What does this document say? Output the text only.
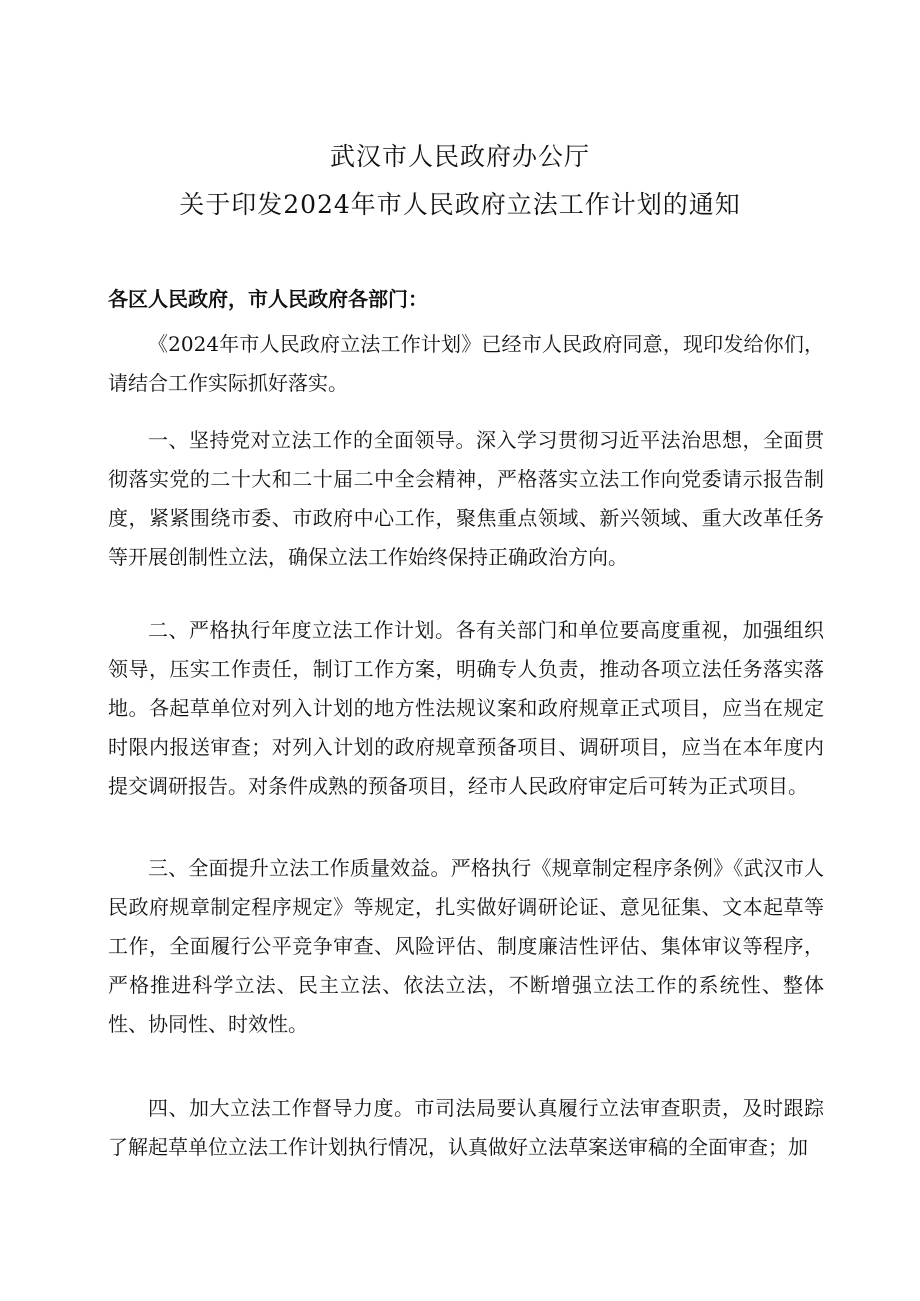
武汉市人民政府办公厅
关于印发2024年市人民政府立法工作计划的通知
各区人民政府，市人民政府各部门：

《2024年市人民政府立法工作计划》已经市人民政府同意，现印发给你们，请结合工作实际抓好落实。

一、坚持党对立法工作的全面领导。深入学习贯彻习近平法治思想，全面贯彻落实党的二十大和二十届二中全会精神，严格落实立法工作向党委请示报告制度，紧紧围绕市委、市政府中心工作，聚焦重点领域、新兴领域、重大改革任务等开展创制性立法，确保立法工作始终保持正确政治方向。

二、严格执行年度立法工作计划。各有关部门和单位要高度重视，加强组织领导，压实工作责任，制订工作方案，明确专人负责，推动各项立法任务落实落地。各起草单位对列入计划的地方性法规议案和政府规章正式项目，应当在规定时限内报送审查；对列入计划的政府规章预备项目、调研项目，应当在本年度内提交调研报告。对条件成熟的预备项目，经市人民政府审定后可转为正式项目。

三、全面提升立法工作质量效益。严格执行《规章制定程序条例》《武汉市人民政府规章制定程序规定》等规定，扎实做好调研论证、意见征集、文本起草等工作，全面履行公平竞争审查、风险评估、制度廉洁性评估、集体审议等程序，严格推进科学立法、民主立法、依法立法，不断增强立法工作的系统性、整体性、协同性、时效性。

四、加大立法工作督导力度。市司法局要认真履行立法审查职责，及时跟踪了解起草单位立法工作计划执行情况，认真做好立法草案送审稿的全面审查；加
